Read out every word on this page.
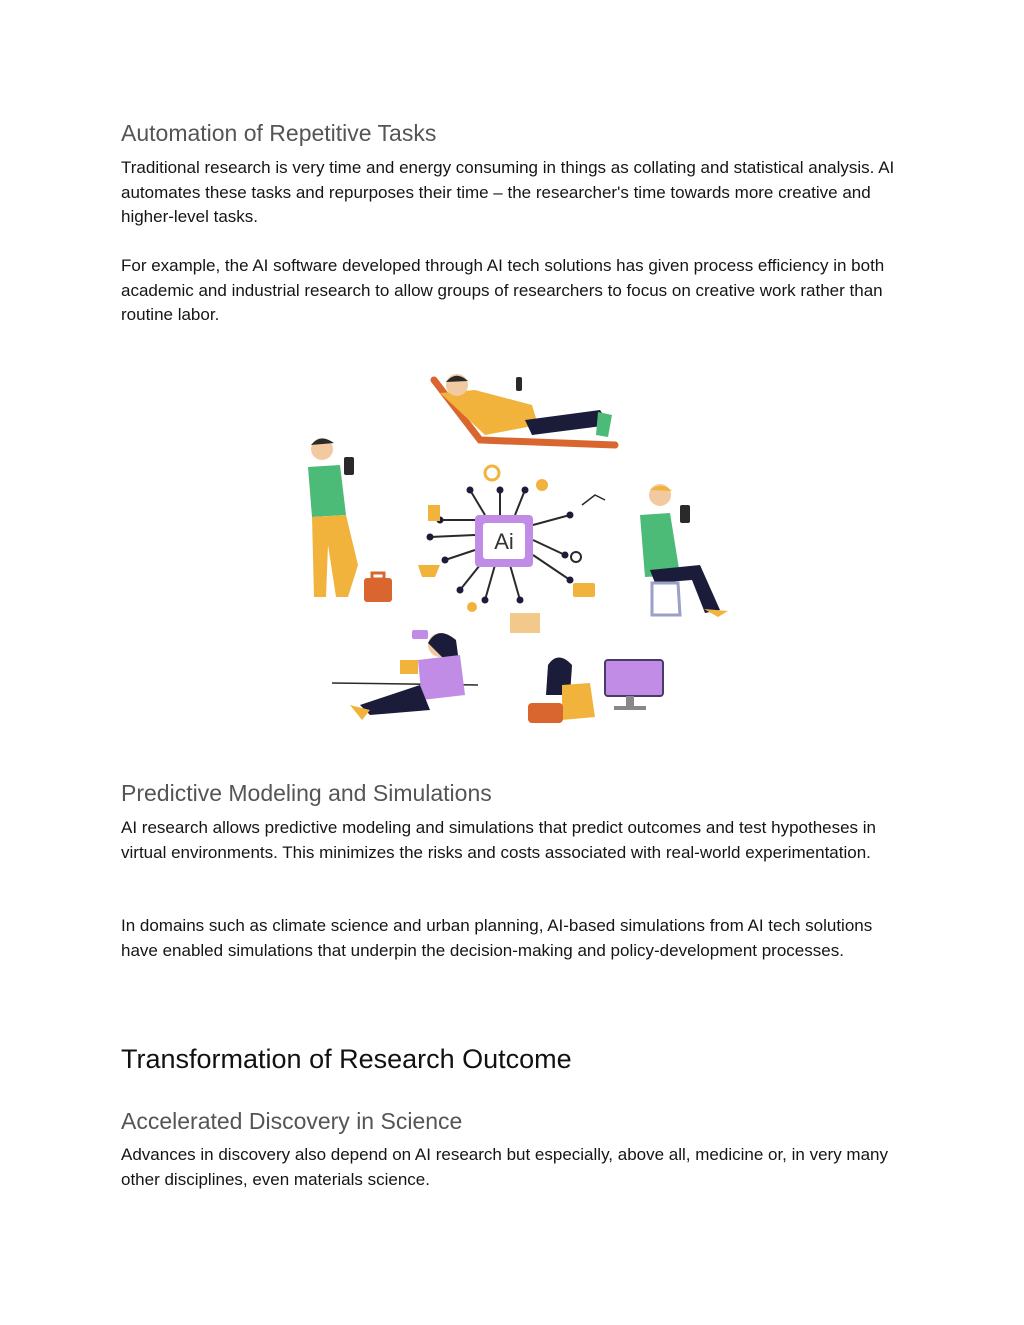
Automation of Repetitive Tasks

Traditional research is very time and energy consuming in things as collating and statistical analysis. AI automates these tasks and repurposes their time – the researcher's time towards more creative and higher-level tasks.

For example, the AI software developed through AI tech solutions has given process efficiency in both academic and industrial research to allow groups of researchers to focus on creative work rather than routine labor.

Ai
Predictive Modeling and Simulations

AI research allows predictive modeling and simulations that predict outcomes and test hypotheses in virtual environments. This minimizes the risks and costs associated with real-world experimentation.

In domains such as climate science and urban planning, AI-based simulations from AI tech solutions have enabled simulations that underpin the decision-making and policy-development processes.

Transformation of Research Outcome
Accelerated Discovery in Science

Advances in discovery also depend on AI research but especially, above all, medicine or, in very many other disciplines, even materials science.
